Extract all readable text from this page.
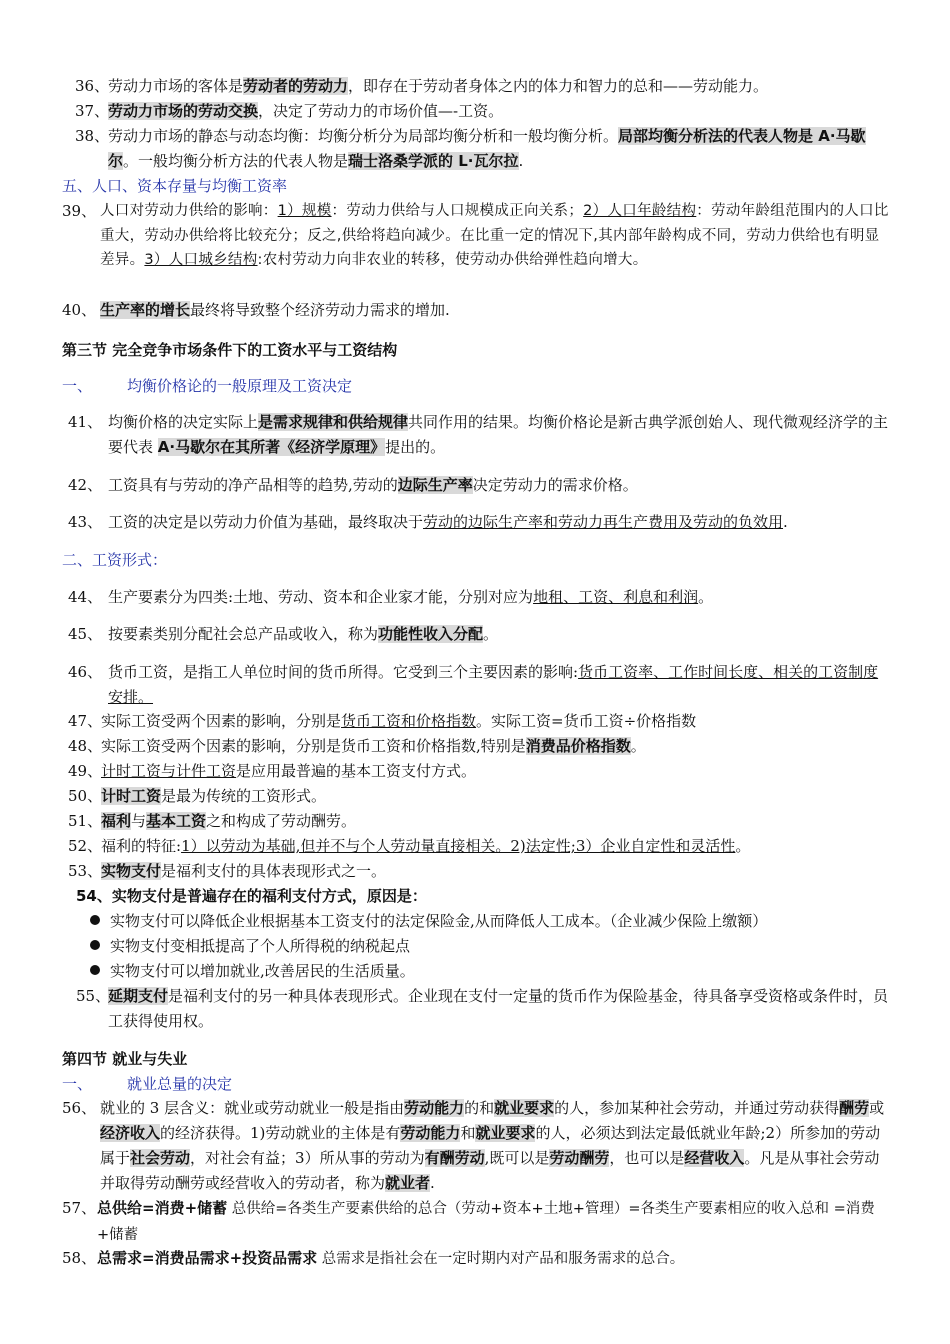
36、
劳动力市场的客体是劳动者的劳动力，即存在于劳动者身体之内的体力和智力的总和——劳动能力。
37、
劳动力市场的劳动交换，决定了劳动力的市场价值—-工资。
38、
劳动力市场的静态与动态均衡：均衡分析分为局部均衡分析和一般均衡分析。局部均衡分析法的代表人物是 A·马歇尔。一般均衡分析方法的代表人物是瑞士洛桑学派的 L·瓦尔拉.
五、人口、资本存量与均衡工资率
39、 人口对劳动力供给的影响：1）规模：劳动力供给与人口规模成正向关系；2）人口年龄结构：劳动年龄组范围内的人口比重大，劳动办供给将比较充分；反之,供给将趋向减少。在比重一定的情况下,其内部年龄构成不同，劳动力供给也有明显差异。3）人口城乡结构:农村劳动力向非农业的转移，使劳动办供给弹性趋向增大。
40、 生产率的增长最终将导致整个经济劳动力需求的增加.
第三节 完全竞争市场条件下的工资水平与工资结构
一、 均衡价格论的一般原理及工资决定
41、 均衡价格的决定实际上是需求规律和供给规律共同作用的结果。均衡价格论是新古典学派创始人、现代微观经济学的主要代表 A·马歇尔在其所著《经济学原理》提出的。
42、 工资具有与劳动的净产品相等的趋势,劳动的边际生产率决定劳动力的需求价格。
43、 工资的决定是以劳动力价值为基础，最终取决于劳动的边际生产率和劳动力再生产费用及劳动的负效用.
二、工资形式：
44、 生产要素分为四类:土地、劳动、资本和企业家才能，分别对应为地租、工资、利息和利润。
45、 按要素类别分配社会总产品或收入，称为功能性收入分配。
46、 货币工资，是指工人单位时间的货币所得。它受到三个主要因素的影响:货币工资率、工作时间长度、相关的工资制度安排。
47、
实际工资受两个因素的影响，分别是货币工资和价格指数。实际工资=货币工资÷价格指数
48、
实际工资受两个因素的影响，分别是货币工资和价格指数,特别是消费品价格指数。
49、
计时工资与计件工资是应用最普遍的基本工资支付方式。
50、
计时工资是最为传统的工资形式。
51、
福利与基本工资之和构成了劳动酬劳。
52、
福利的特征:1）以劳动为基础,但并不与个人劳动量直接相关。2)法定性;3）企业自定性和灵活性。
53、
实物支付是福利支付的具体表现形式之一。
54、实物支付是普遍存在的福利支付方式，原因是：
实物支付可以降低企业根据基本工资支付的法定保险金,从而降低人工成本。（企业减少保险上缴额）
实物支付变相抵提高了个人所得税的纳税起点
实物支付可以增加就业,改善居民的生活质量。
55、
延期支付是福利支付的另一种具体表现形式。企业现在支付一定量的货币作为保险基金，待具备享受资格或条件时，员工获得使用权。
第四节 就业与失业
一、 就业总量的决定
56、 就业的 3 层含义：就业或劳动就业一般是指由劳动能力的和就业要求的人，参加某种社会劳动，并通过劳动获得酬劳或经济收入的经济获得。1)劳动就业的主体是有劳动能力和就业要求的人，必须达到法定最低就业年龄;2）所参加的劳动属于社会劳动，对社会有益；3）所从事的劳动为有酬劳动,既可以是劳动酬劳，也可以是经营收入。凡是从事社会劳动并取得劳动酬劳或经营收入的劳动者，称为就业者.
57、 总供给=消费+储蓄 总供给=各类生产要素供给的总合（劳动+资本+土地+管理）=各类生产要素相应的收入总和 =消费+储蓄
58、 总需求=消费品需求+投资品需求 总需求是指社会在一定时期内对产品和服务需求的总合。
